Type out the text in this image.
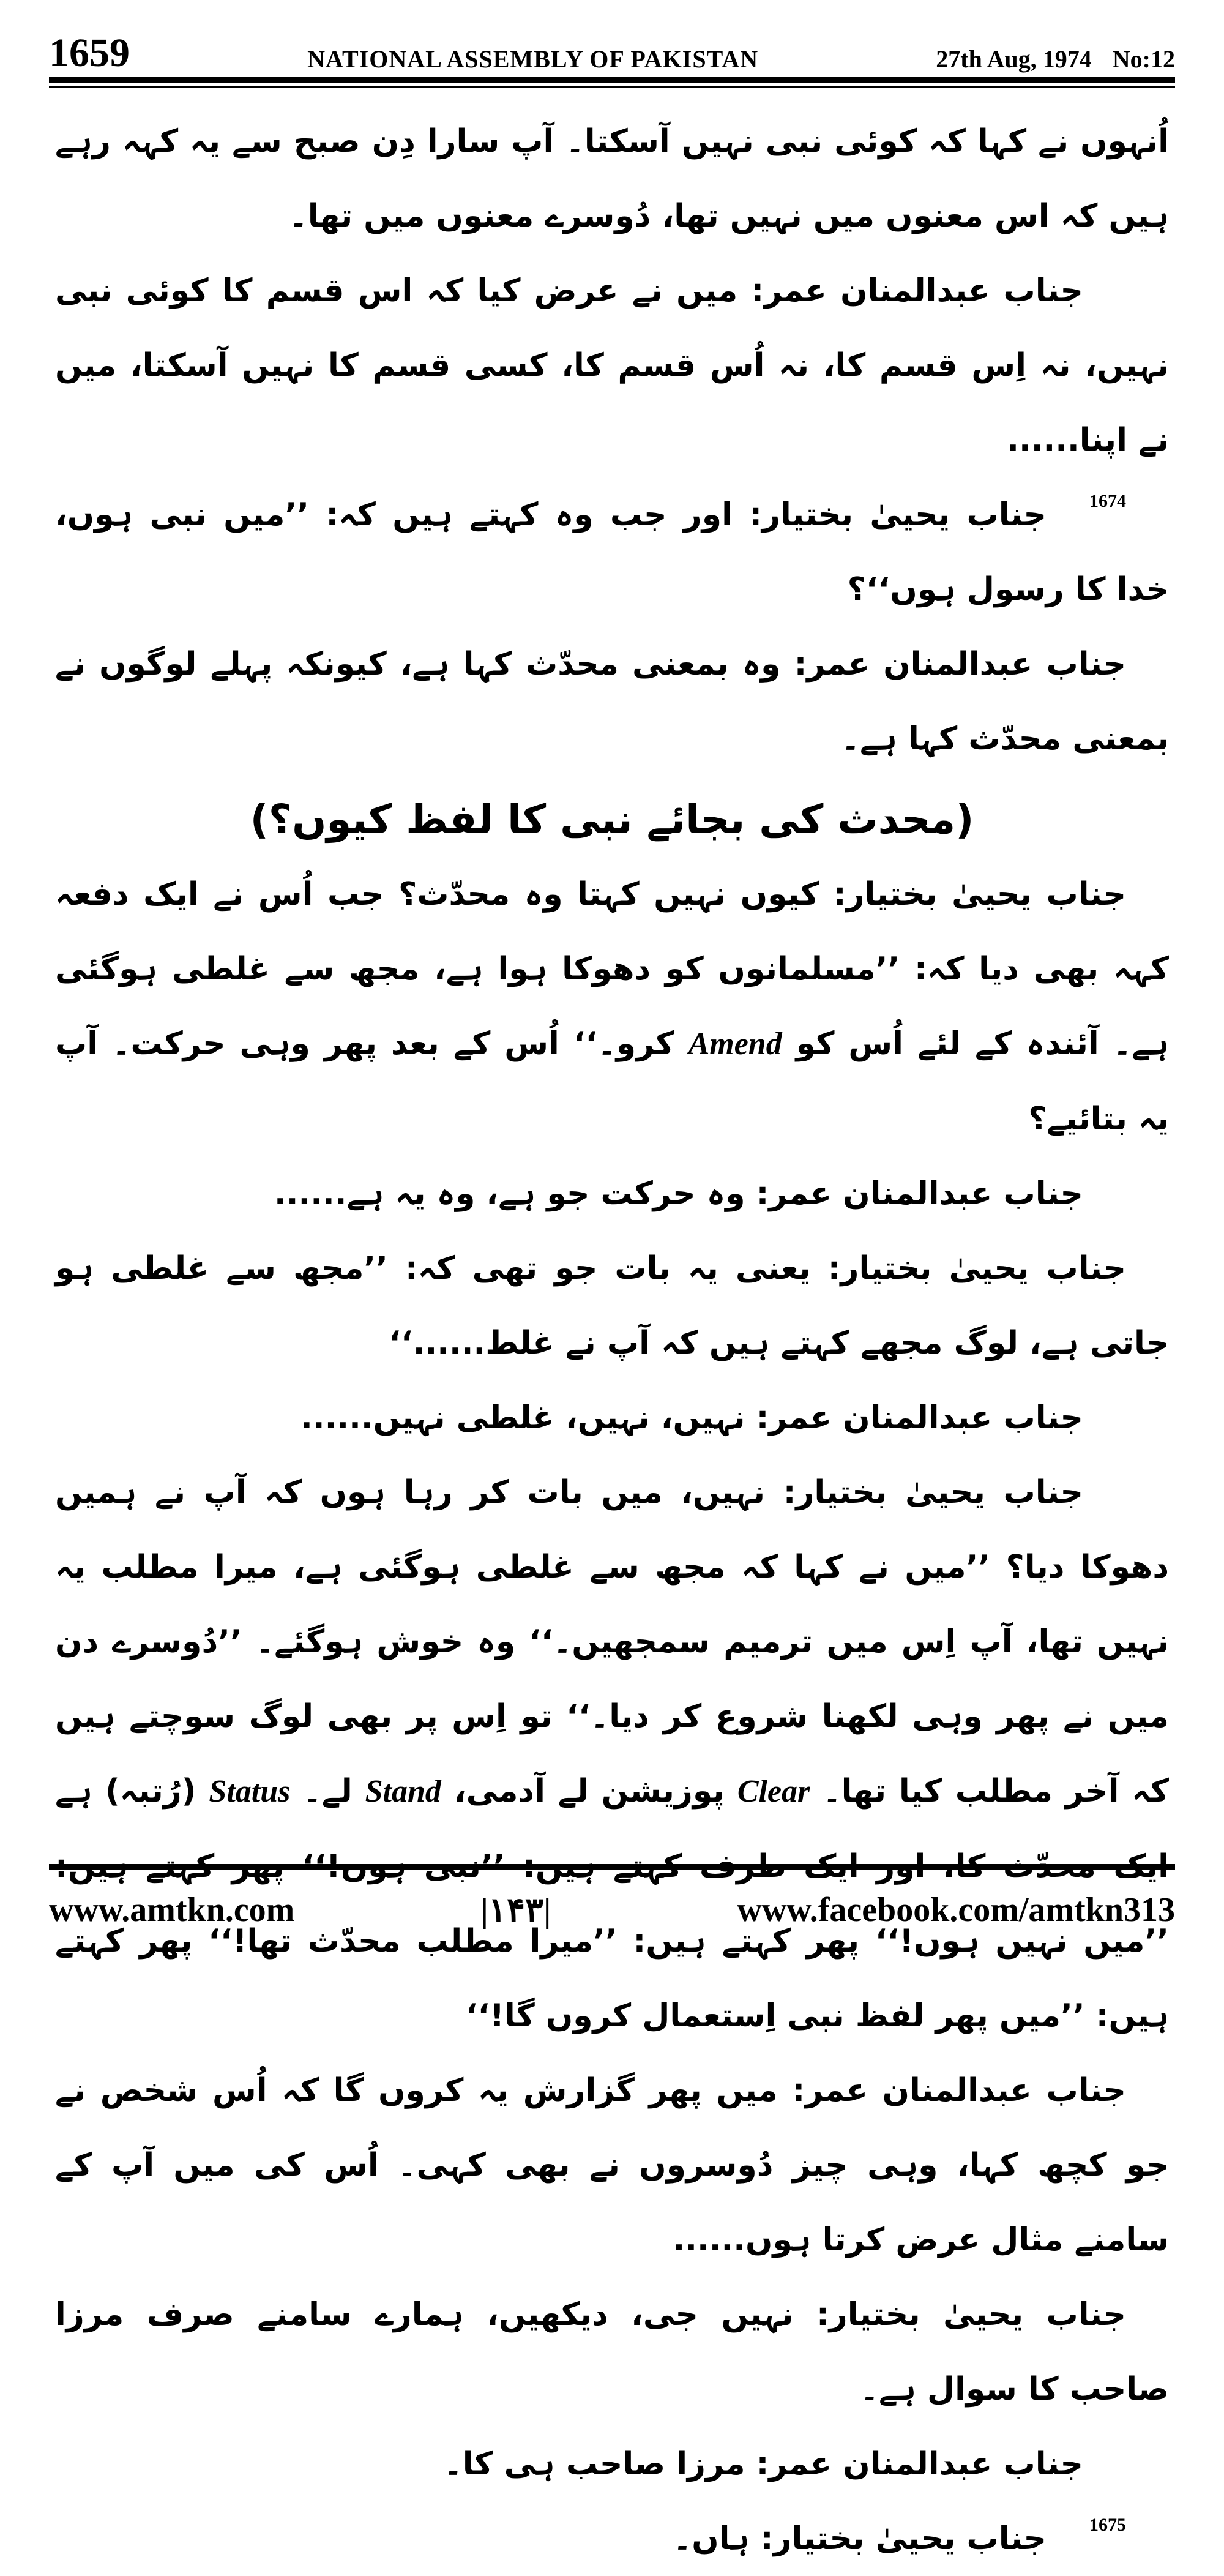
1659	NATIONAL ASSEMBLY OF PAKISTAN	27th Aug, 1974 No:12

اُنہوں نے کہا کہ کوئی نبی نہیں آسکتا۔ آپ سارا دِن صبح سے یہ کہہ رہے ہیں کہ اس معنوں میں نہیں تھا، دُوسرے معنوں میں تھا۔

جناب عبدالمنان عمر: میں نے عرض کیا کہ اس قسم کا کوئی نبی نہیں، نہ اِس قسم کا، نہ اُس قسم کا، کسی قسم کا نہیں آسکتا، میں نے اپنا......

$^{1674}$جناب یحییٰ بختیار: اور جب وہ کہتے ہیں کہ: ’’میں نبی ہوں، خدا کا رسول ہوں‘‘؟

جناب عبدالمنان عمر: وہ بمعنی محدّث کہا ہے، کیونکہ پہلے لوگوں نے بمعنی محدّث کہا ہے۔

(محدث کی بجائے نبی کا لفظ کیوں؟)

جناب یحییٰ بختیار: کیوں نہیں کہتا وہ محدّث؟ جب اُس نے ایک دفعہ کہہ بھی دیا کہ: ’’مسلمانوں کو دھوکا ہوا ہے، مجھ سے غلطی ہوگئی ہے۔ آئندہ کے لئے اُس کو Amend کرو۔‘‘ اُس کے بعد پھر وہی حرکت۔ آپ یہ بتائیے؟

جناب عبدالمنان عمر: وہ حرکت جو ہے، وہ یہ ہے......

جناب یحییٰ بختیار: یعنی یہ بات جو تھی کہ: ’’مجھ سے غلطی ہو جاتی ہے، لوگ مجھے کہتے ہیں کہ آپ نے غلط......‘‘

جناب عبدالمنان عمر: نہیں، نہیں، غلطی نہیں......

جناب یحییٰ بختیار: نہیں، میں بات کر رہا ہوں کہ آپ نے ہمیں دھوکا دیا؟ ’’میں نے کہا کہ مجھ سے غلطی ہوگئی ہے، میرا مطلب یہ نہیں تھا، آپ اِس میں ترمیم سمجھیں۔‘‘ وہ خوش ہوگئے۔ ’’دُوسرے دن میں نے پھر وہی لکھنا شروع کر دیا۔‘‘ تو اِس پر بھی لوگ سوچتے ہیں کہ آخر مطلب کیا تھا۔ Clear پوزیشن لے آدمی، Stand لے۔ Status (رُتبہ) ہے ایک محدّث کا، اور ایک طرف کہتے ہیں: ’’نبی ہوں!‘‘ پھر کہتے ہیں: ’’میں نہیں ہوں!‘‘ پھر کہتے ہیں: ’’میرا مطلب محدّث تھا!‘‘ پھر کہتے ہیں: ’’میں پھر لفظ نبی اِستعمال کروں گا!‘‘

جناب عبدالمنان عمر: میں پھر گزارش یہ کروں گا کہ اُس شخص نے جو کچھ کہا، وہی چیز دُوسروں نے بھی کہی۔ اُس کی میں آپ کے سامنے مثال عرض کرتا ہوں......

جناب یحییٰ بختیار: نہیں جی، دیکھیں، ہمارے سامنے صرف مرزا صاحب کا سوال ہے۔

جناب عبدالمنان عمر: مرزا صاحب ہی کا۔

$^{1675}$جناب یحییٰ بختیار: ہاں۔

www.amtkn.com	|۱۴۳|	www.facebook.com/amtkn313
